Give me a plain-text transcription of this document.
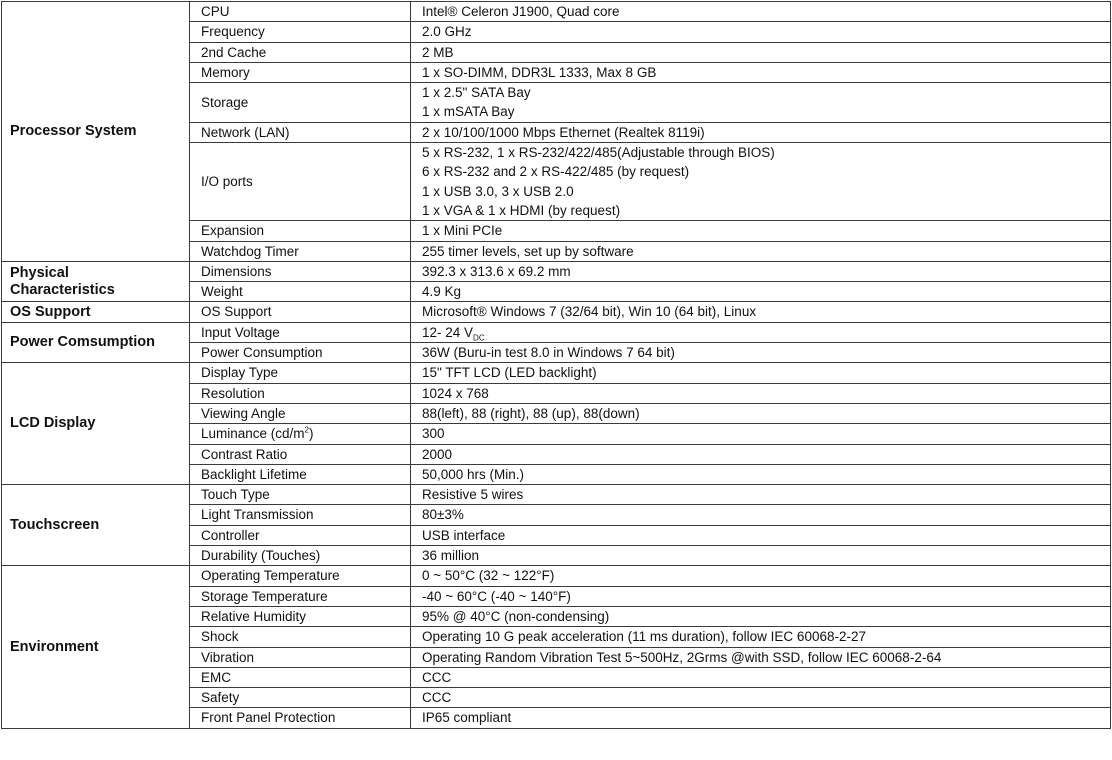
Processor System	CPU	Intel® Celeron J1900, Quad core

	Frequency	2.0 GHz

	2nd Cache	2 MB

	Memory	1 x SO-DIMM, DDR3L 1333, Max 8 GB

	Storage	1 x 2.5" SATA Bay
1 x mSATA Bay

	Network (LAN)	2 x 10/100/1000 Mbps Ethernet (Realtek 8119i)

	I/O ports	5 x RS-232, 1 x RS-232/422/485(Adjustable through BIOS)
6 x RS-232 and 2 x RS-422/485 (by request)
1 x USB 3.0, 3 x USB 2.0
1 x VGA & 1 x HDMI (by request)

	Expansion	1 x Mini PCIe

	Watchdog Timer	255 timer levels, set up by software

Physical
Characteristics	Dimensions	392.3 x 313.6 x 69.2 mm

	Weight	4.9 Kg

OS Support	OS Support	Microsoft® Windows 7 (32/64 bit), Win 10 (64 bit), Linux

Power Comsumption	Input Voltage	12- 24 $V_{DC}$

	Power Consumption	36W (Buru-in test 8.0 in Windows 7 64 bit)

LCD Display	Display Type	15" TFT LCD (LED backlight)

	Resolution	1024 x 768

	Viewing Angle	88(left), 88 (right), 88 (up), 88(down)

	Luminance $(cd/m^2)$	300

	Contrast Ratio	2000

	Backlight Lifetime	50,000 hrs (Min.)

Touchscreen	Touch Type	Resistive 5 wires

	Light Transmission	80±3%

	Controller	USB interface

	Durability (Touches)	36 million

Environment	Operating Temperature	0 ~ 50°C (32 ~ 122°F)

	Storage Temperature	-40 ~ 60°C (-40 ~ 140°F)

	Relative Humidity	95% @ 40°C (non-condensing)

	Shock	Operating 10 G peak acceleration (11 ms duration), follow IEC 60068-2-27

	Vibration	Operating Random Vibration Test 5~500Hz, 2Grms @with SSD, follow IEC 60068-2-64

	EMC	CCC

	Safety	CCC

	Front Panel Protection	IP65 compliant
